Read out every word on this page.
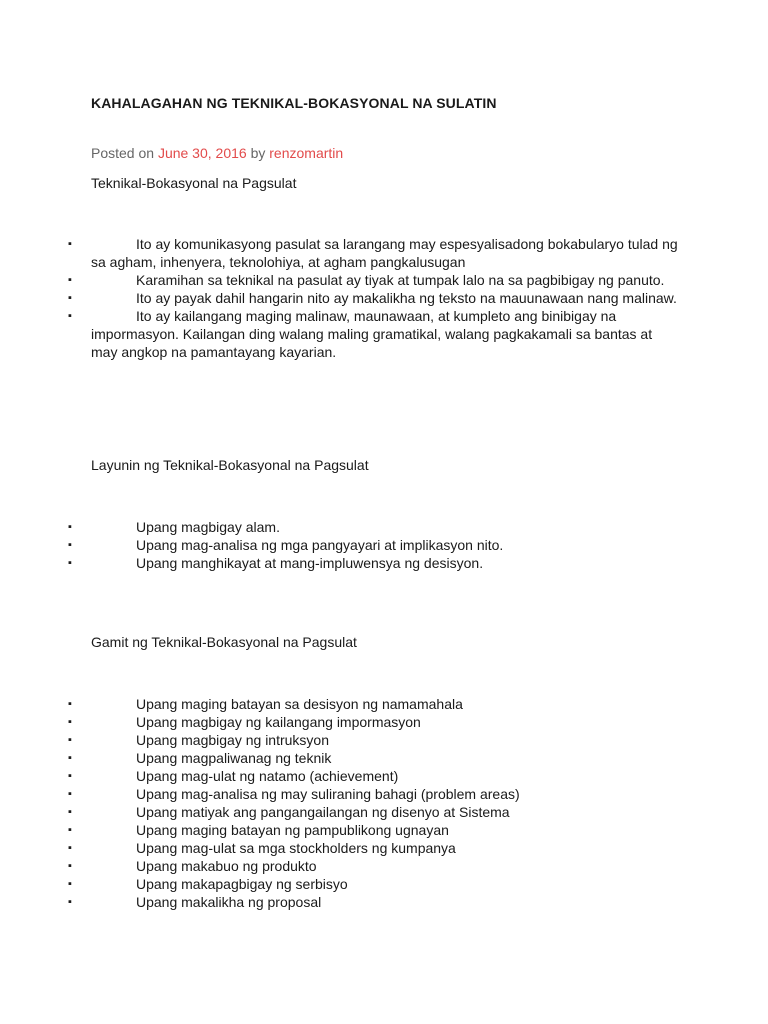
KAHALAGAHAN NG TEKNIKAL-BOKASYONAL NA SULATIN
Posted on June 30, 2016 by renzomartin
Teknikal-Bokasyonal na Pagsulat
▪	Ito ay komunikasyong pasulat sa larangang may espesyalisadong bokabularyo tulad ng sa agham, inhenyera, teknolohiya, at agham pangkalusugan
▪	Karamihan sa teknikal na pasulat ay tiyak at tumpak lalo na sa pagbibigay ng panuto.
▪	Ito ay payak dahil hangarin nito ay makalikha ng teksto na mauunawaan nang malinaw.
▪	Ito ay kailangang maging malinaw, maunawaan, at kumpleto ang binibigay na impormasyon. Kailangan ding walang maling gramatikal, walang pagkakamali sa bantas at may angkop na pamantayang kayarian.
Layunin ng Teknikal-Bokasyonal na Pagsulat
▪	Upang magbigay alam.
▪	Upang mag-analisa ng mga pangyayari at implikasyon nito.
▪	Upang manghikayat at mang-impluwensya ng desisyon.
Gamit ng Teknikal-Bokasyonal na Pagsulat
▪	Upang maging batayan sa desisyon ng namamahala
▪	Upang magbigay ng kailangang impormasyon
▪	Upang magbigay ng intruksyon
▪	Upang magpaliwanag ng teknik
▪	Upang mag-ulat ng natamo (achievement)
▪	Upang mag-analisa ng may suliraning bahagi (problem areas)
▪	Upang matiyak ang pangangailangan ng disenyo at Sistema
▪	Upang maging batayan ng pampublikong ugnayan
▪	Upang mag-ulat sa mga stockholders ng kumpanya
▪	Upang makabuo ng produkto
▪	Upang makapagbigay ng serbisyo
▪	Upang makalikha ng proposal
